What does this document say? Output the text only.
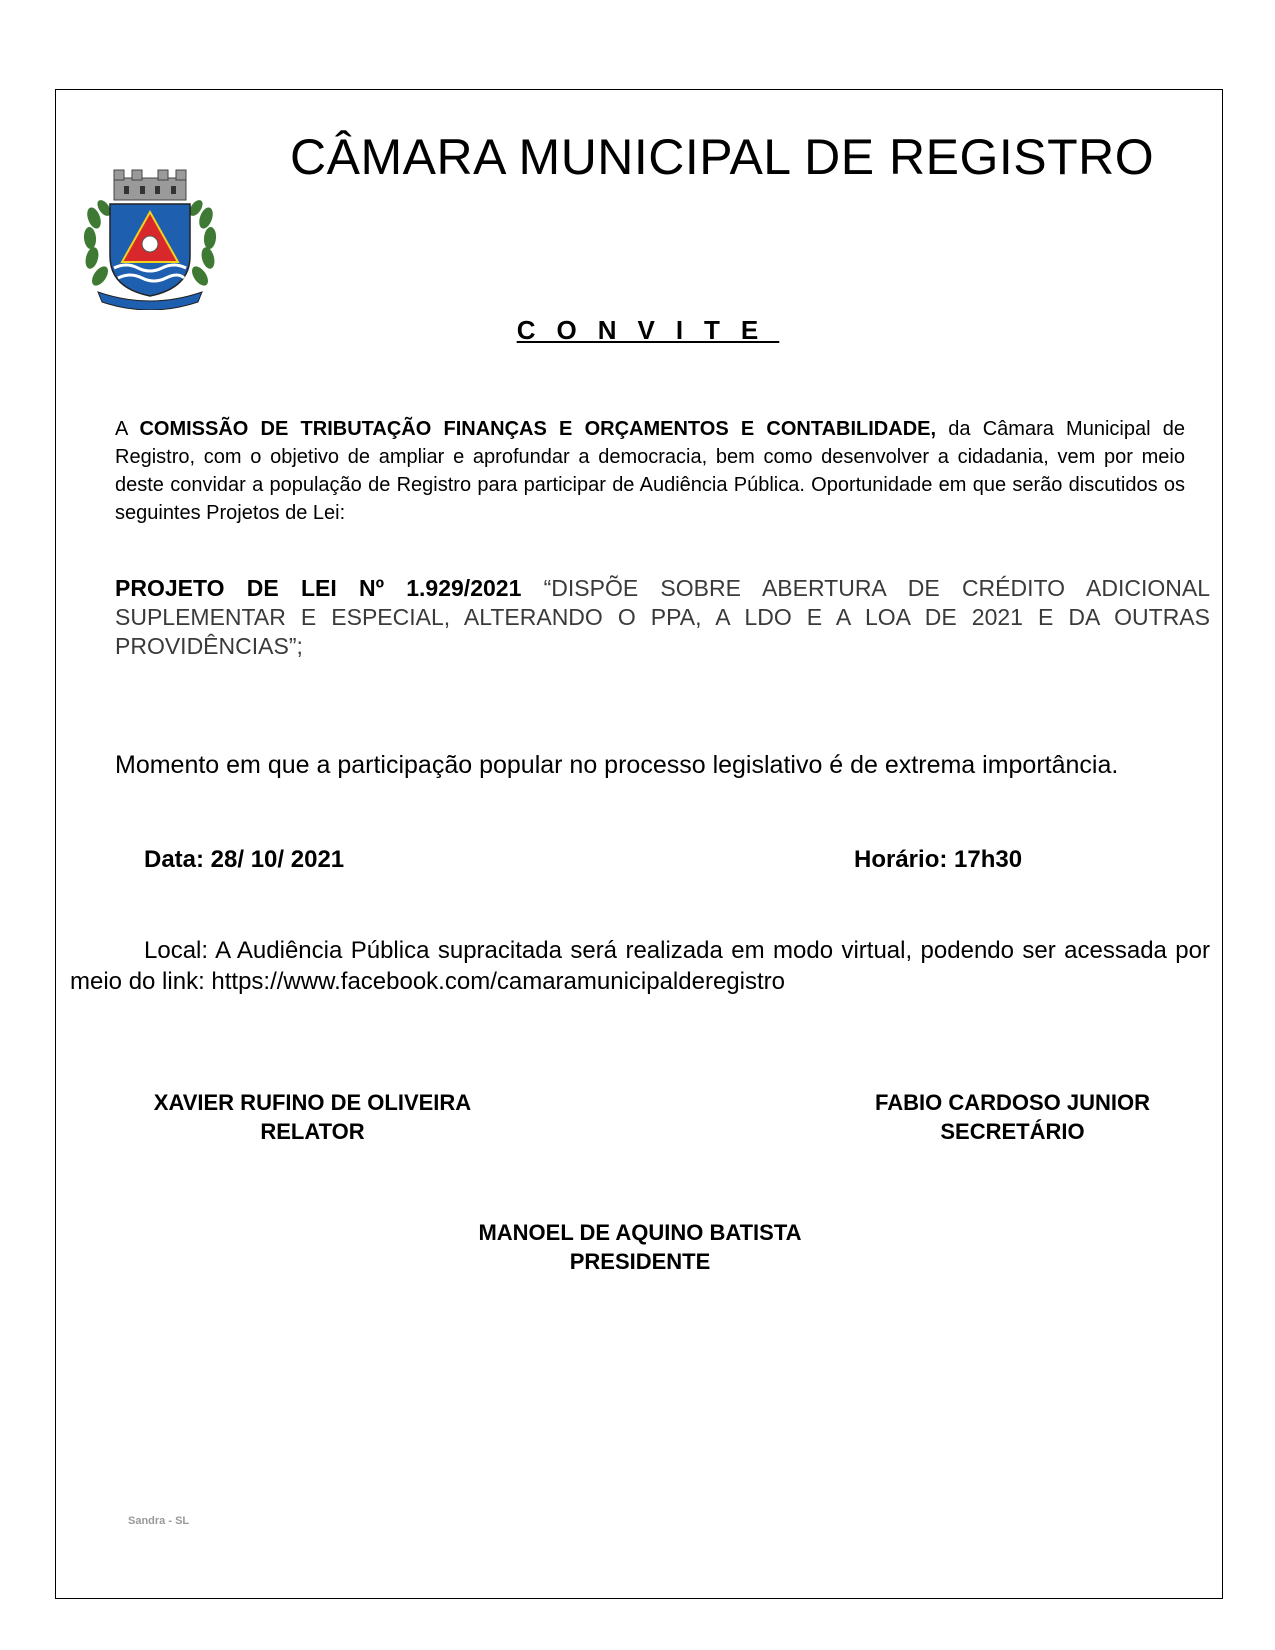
CÂMARA MUNICIPAL DE REGISTRO
CONVITE
A COMISSÃO DE TRIBUTAÇÃO FINANÇAS E ORÇAMENTOS E CONTABILIDADE, da Câmara Municipal de Registro, com o objetivo de ampliar e aprofundar a democracia, bem como desenvolver a cidadania, vem por meio deste convidar a população de Registro para participar de Audiência Pública. Oportunidade em que serão discutidos os seguintes Projetos de Lei:
PROJETO DE LEI Nº 1.929/2021 “DISPÕE SOBRE ABERTURA DE CRÉDITO ADICIONAL SUPLEMENTAR E ESPECIAL, ALTERANDO O PPA, A LDO E A LOA DE 2021 E DA OUTRAS PROVIDÊNCIAS”;
Momento em que a participação popular no processo legislativo é de extrema importância.
Data: 28/ 10/ 2021	Horário: 17h30
Local: A Audiência Pública supracitada será realizada em modo virtual, podendo ser acessada por meio do link: https://www.facebook.com/camaramunicipalderegistro
XAVIER RUFINO DE OLIVEIRA
RELATOR
FABIO CARDOSO JUNIOR
SECRETÁRIO
MANOEL DE AQUINO BATISTA
PRESIDENTE
Sandra - SL
